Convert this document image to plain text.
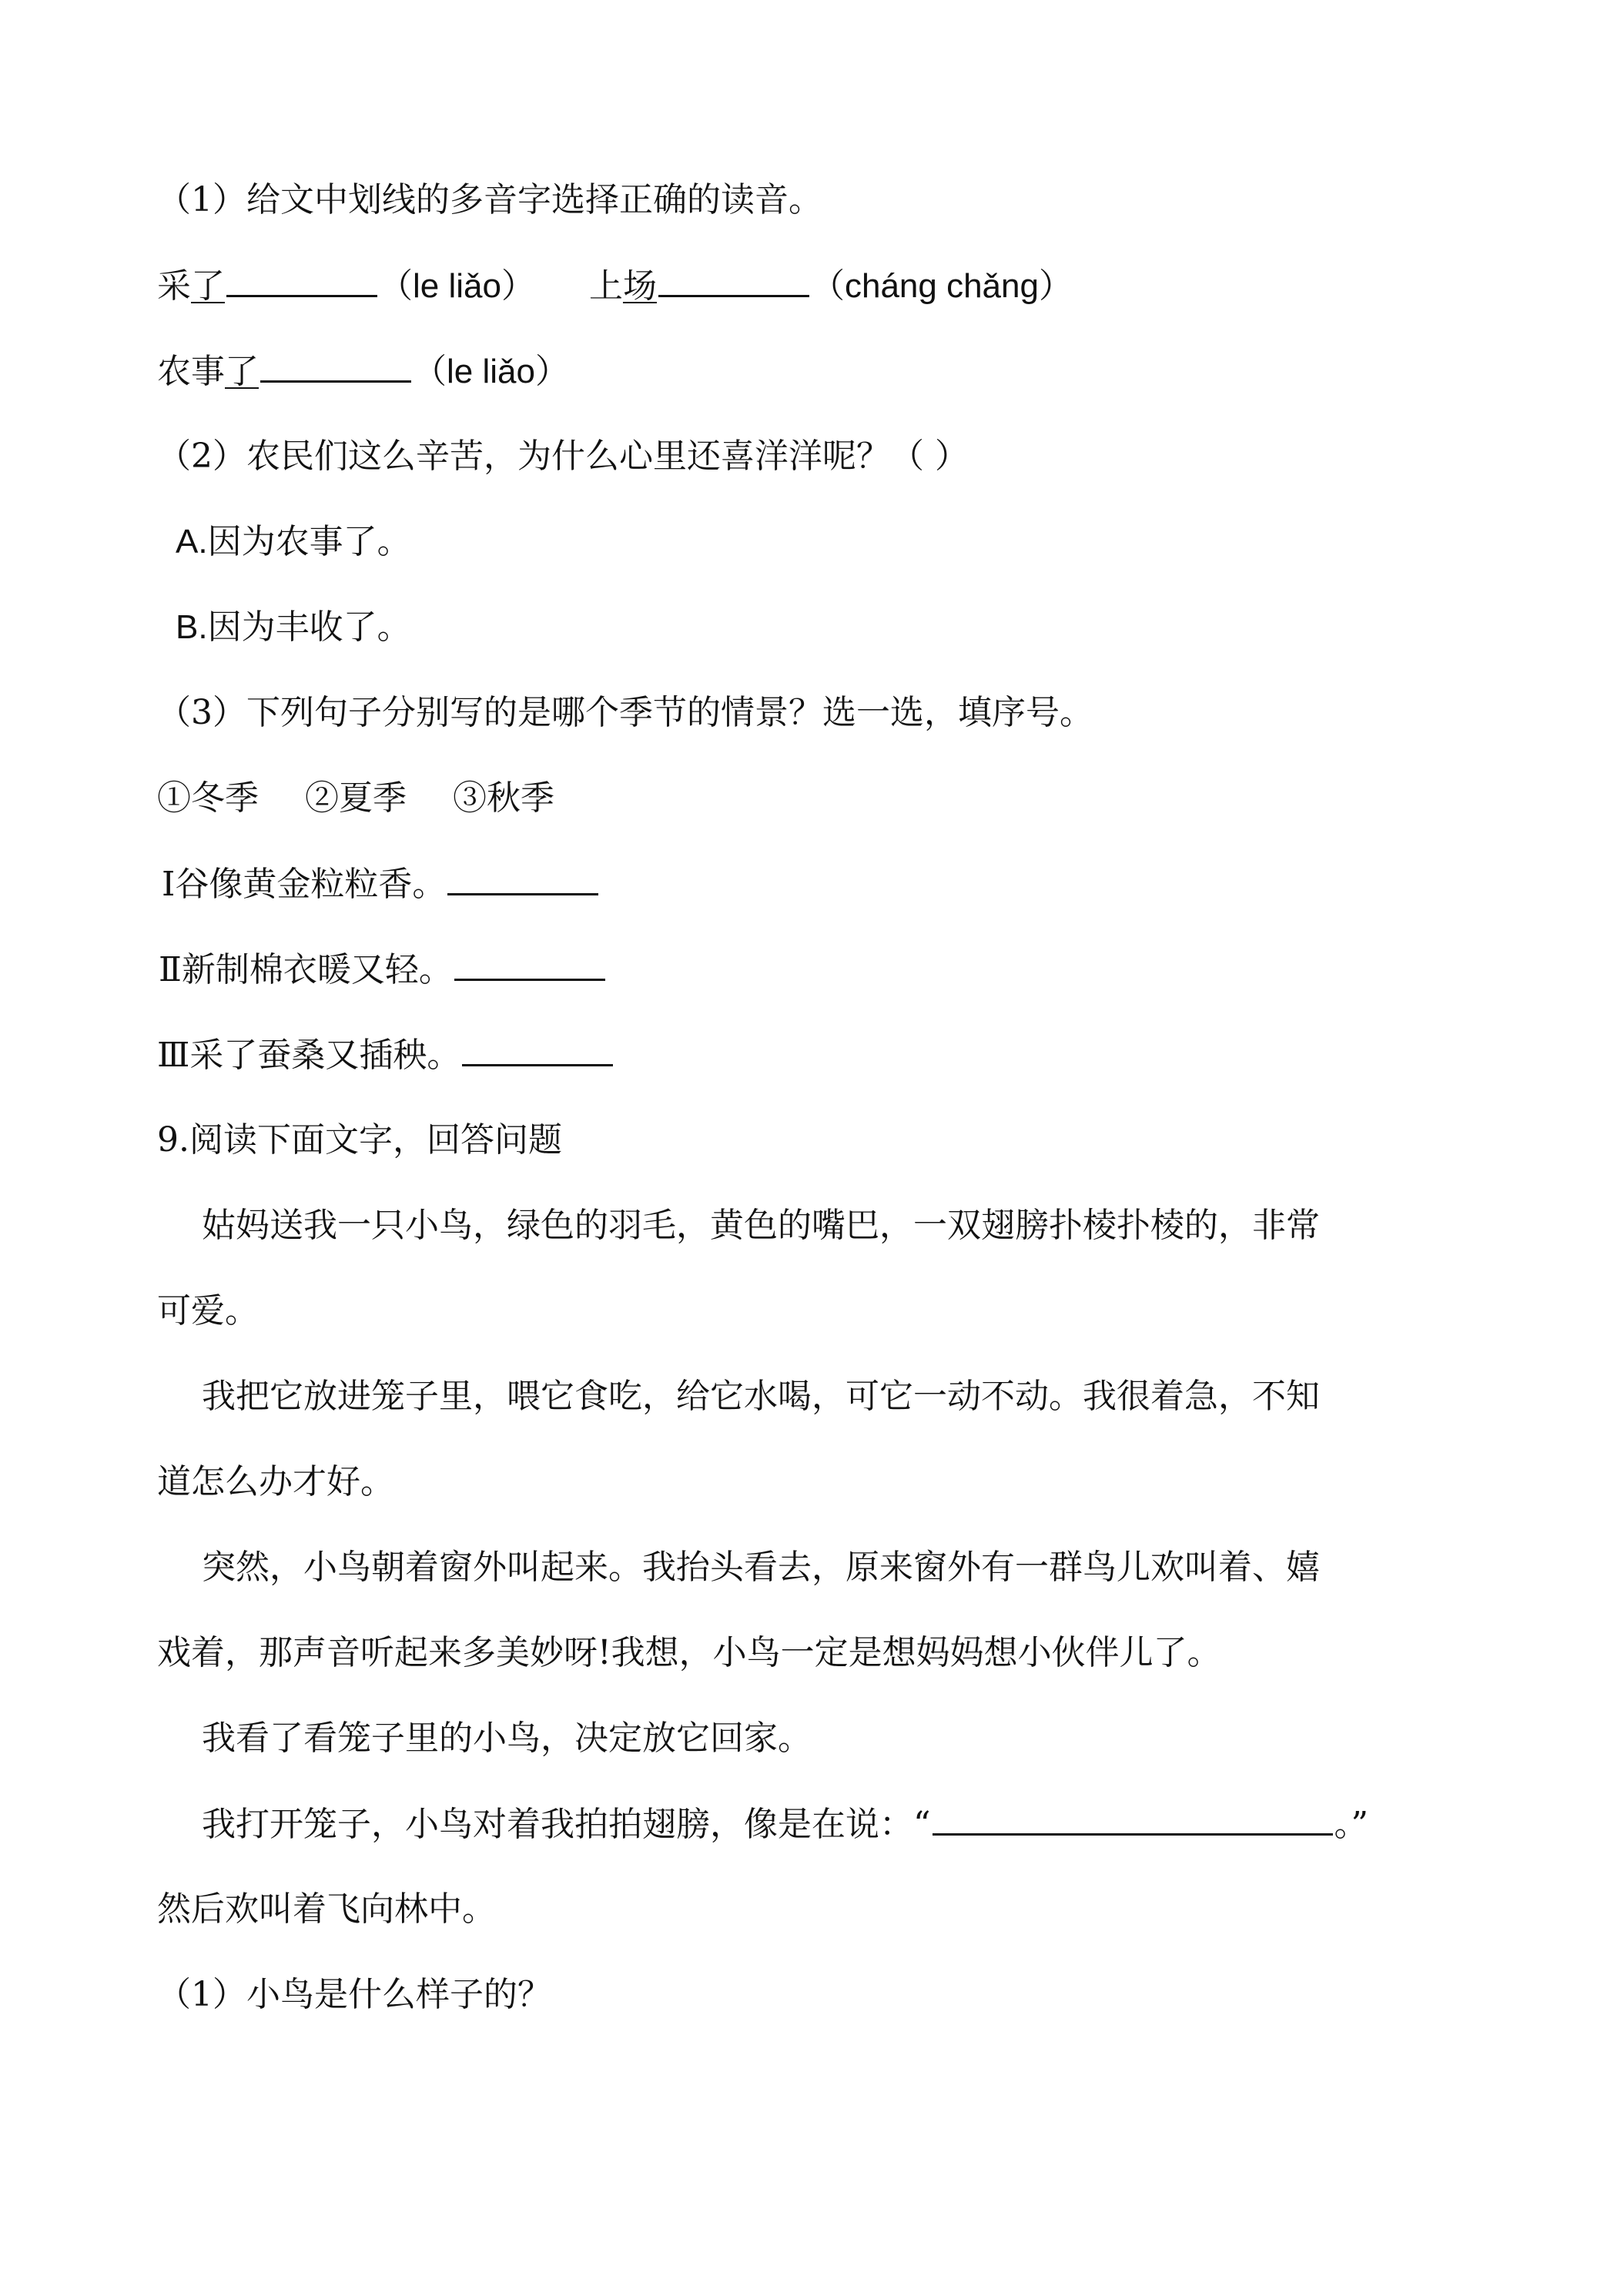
（1）给文中划线的多音字选择正确的读音。
采了	（le liǎo） 上场	（cháng chǎng）
农事了	（le liǎo）
（2）农民们这么辛苦，为什么心里还喜洋洋呢？（ ）
A.因为农事了。
B.因为丰收了。
（3）下列句子分别写的是哪个季节的情景？选一选，填序号。
①冬季 ②夏季 ③秋季
Ⅰ谷像黄金粒粒香。
Ⅱ新制棉衣暖又轻。
Ⅲ采了蚕桑又插秧。
9.阅读下面文字，回答问题
姑妈送我一只小鸟，绿色的羽毛，黄色的嘴巴，一双翅膀扑棱扑棱的，非常
可爱。
我把它放进笼子里，喂它食吃，给它水喝，可它一动不动。我很着急，不知
道怎么办才好。
突然，小鸟朝着窗外叫起来。我抬头看去，原来窗外有一群鸟儿欢叫着、嬉
戏着，那声音听起来多美妙呀!我想，小鸟一定是想妈妈想小伙伴儿了。
我看了看笼子里的小鸟，决定放它回家。
我打开笼子，小鸟对着我拍拍翅膀，像是在说：“	。”
然后欢叫着飞向林中。
（1）小鸟是什么样子的？
